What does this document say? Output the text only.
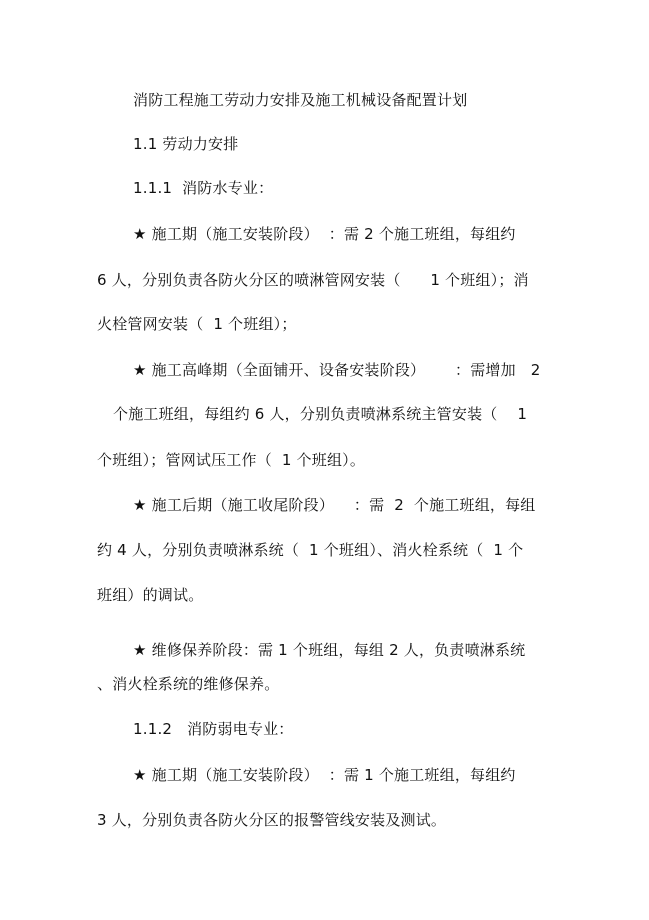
消防工程施工劳动力安排及施工机械设备配置计划
1.1 劳动力安排
1.1.1  消防水专业：
★ 施工期（施工安装阶段）  ：需 2 个施工班组，每组约
6 人，分别负责各防火分区的喷淋管网安装（      1 个班组）；消
火栓管网安装（  1 个班组）；
★ 施工高峰期（全面铺开、设备安装阶段）      ：需增加   2
个施工班组，每组约 6 人，分别负责喷淋系统主管安装（    1
个班组）；管网试压工作（  1 个班组）。
★ 施工后期（施工收尾阶段）    ：需  2  个施工班组，每组
约 4 人，分别负责喷淋系统（  1 个班组）、消火栓系统（  1 个
班组）的调试。
★ 维修保养阶段：需 1 个班组，每组 2 人，负责喷淋系统
、消火栓系统的维修保养。
1.1.2   消防弱电专业：
★ 施工期（施工安装阶段）  ：需 1 个施工班组，每组约
3 人，分别负责各防火分区的报警管线安装及测试。
